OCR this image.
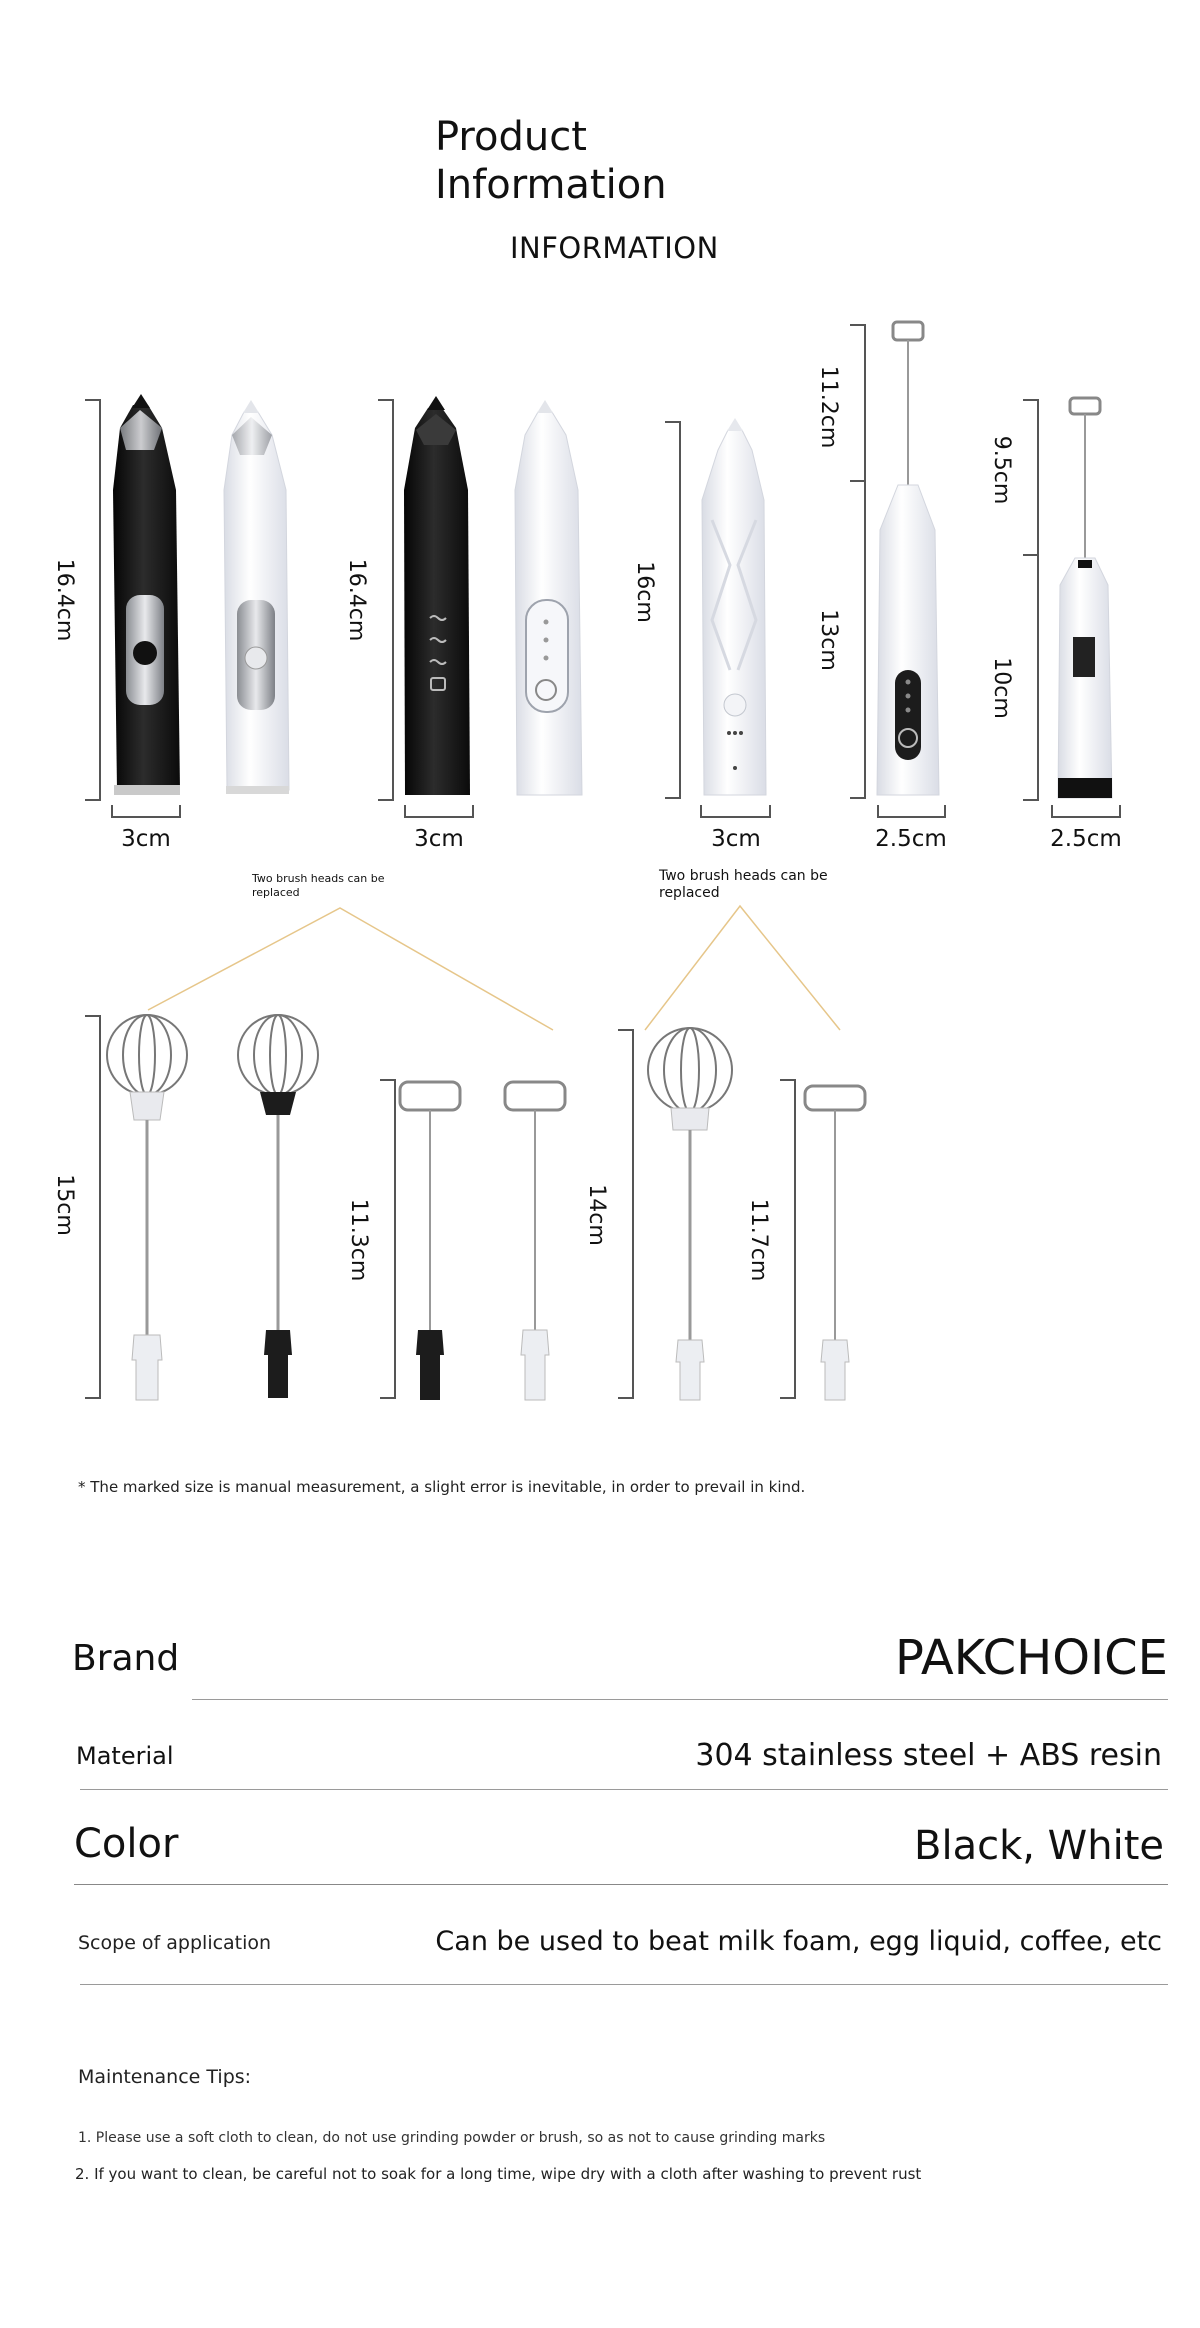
Product
Information
INFORMATION
16.4cm
3cm
16.4cm
3cm
16cm
3cm
11.2cm
13cm
2.5cm
9.5cm
10cm
2.5cm
Two brush heads can be
replaced
Two brush heads can be
replaced
15cm	11.3cm	14cm	11.7cm
* The marked size is manual measurement, a slight error is inevitable, in order to prevail in kind.
Brand	PAKCHOICE
Material	304 stainless steel + ABS resin
Color	Black, White
Scope of application	Can be used to beat milk foam, egg liquid, coffee, etc
Maintenance Tips:
1. Please use a soft cloth to clean, do not use grinding powder or brush, so as not to cause grinding marks
2. If you want to clean, be careful not to soak for a long time, wipe dry with a cloth after washing to prevent rust
